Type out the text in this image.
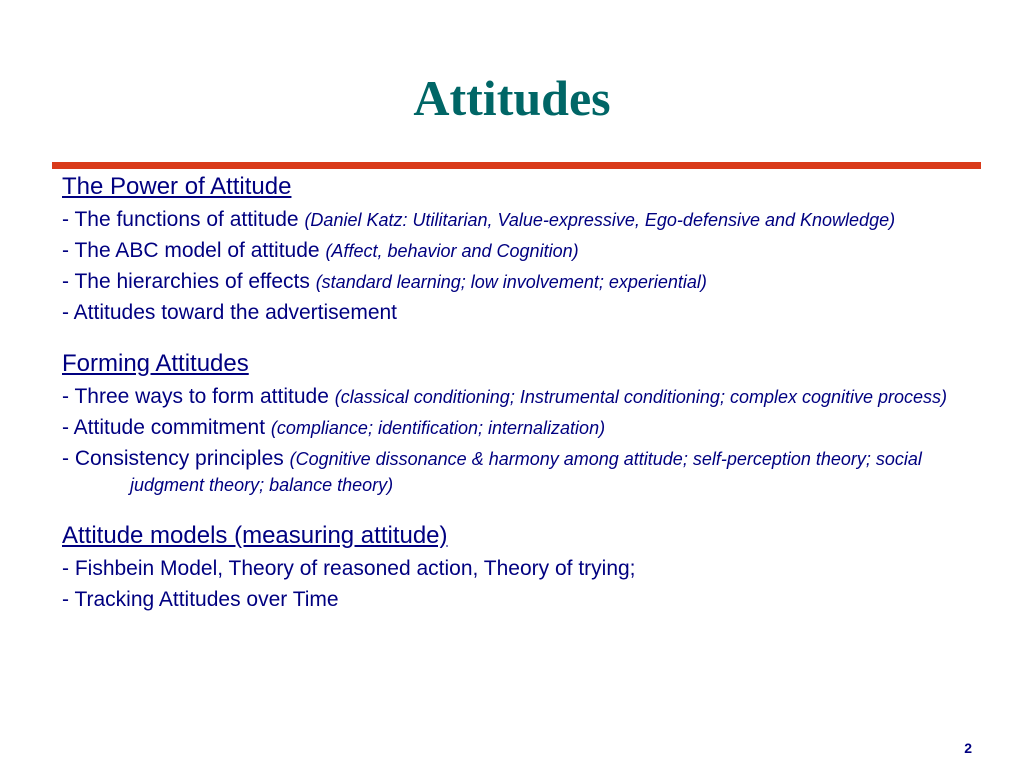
Attitudes

The Power of Attitude

- The functions of attitude (Daniel Katz: Utilitarian, Value-expressive, Ego-defensive and Knowledge)

- The ABC model of attitude (Affect, behavior and Cognition)

- The hierarchies of effects (standard learning; low involvement; experiential)

- Attitudes toward the advertisement

Forming Attitudes

- Three ways to form attitude (classical conditioning; Instrumental conditioning; complex cognitive process)

- Attitude commitment (compliance; identification; internalization)

- Consistency principles (Cognitive dissonance & harmony among attitude; self-perception theory; social judgment theory; balance theory)

Attitude models (measuring attitude)

- Fishbein Model, Theory of reasoned action, Theory of trying;

- Tracking Attitudes over Time

2
